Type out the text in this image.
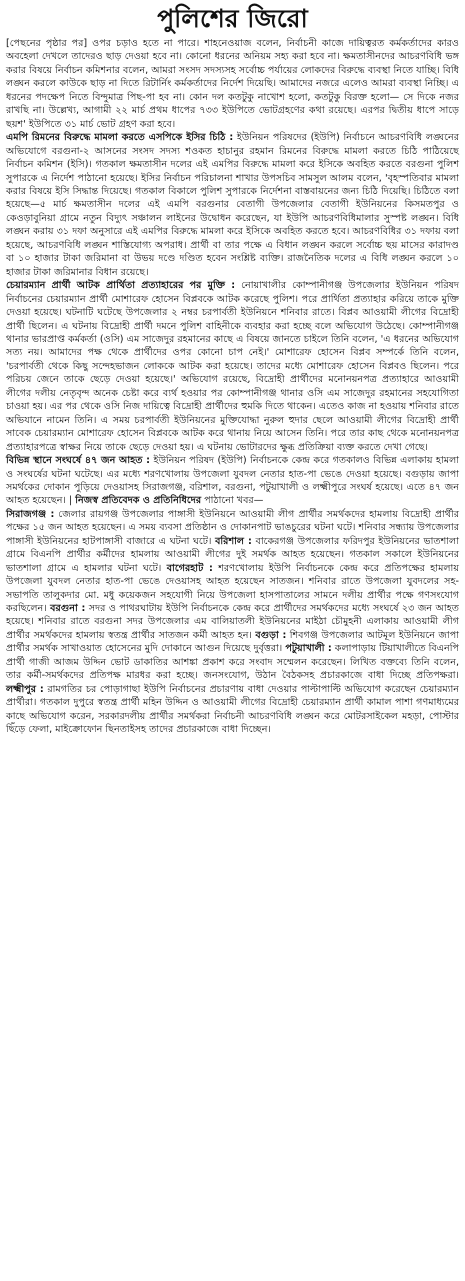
পুলিশের জিরো

[পেছনের পৃষ্ঠার পর] ওপর চড়াও হতে না পারে। শাহনেওয়াজ বলেন, নির্বাচনী কাজে দায়িত্বরত কর্মকর্তাদের কারও অবহেলা দেখলে তাদেরও ছাড় দেওয়া হবে না। কোনো ধরনের অনিয়ম সহ্য করা হবে না। ক্ষমতাসীনদের আচরণবিধি ভঙ্গ করার বিষয়ে নির্বাচন কমিশনার বলেন, আমরা সংসদ সদস্যসহ সর্বোচ্চ পর্যায়ের লোকদের বিরুদ্ধে ব্যবস্থা নিতে যাচ্ছি। বিধি লঙ্ঘন করলে কাউকে ছাড় না দিতে রিটার্নিং কর্মকর্তাদের নির্দেশ দিয়েছি। আমাদের নজরে এলেও আমরা ব্যবস্থা নিচ্ছি। এ ধরনের পদক্ষেপ নিতে বিন্দুমাত্র পিছ-পা হব না। কোন দল কতটুকু নাখোশ হলো, কতটুকু বিরক্ত হলো— সে দিকে নজর রাখছি না। উল্লেখ্য, আগামী ২২ মার্চ প্রথম ধাপের ৭৩৩ ইউপিতে ভোটগ্রহণের কথা রয়েছে। এরপর দ্বিতীয় ধাপে সাড়ে ছয়শ' ইউপিতে ৩১ মার্চ ভোট গ্রহণ করা হবে।

এমপি রিমনের বিরুদ্ধে মামলা করতে এসপিকে ইসির চিঠি : ইউনিয়ন পরিষদের (ইউপি) নির্বাচনে আচরণবিধি লঙ্ঘনের অভিযোগে বরগুনা-২ আসনের সংসদ সদস্য শওকত হাচানুর রহমান রিমনের বিরুদ্ধে মামলা করতে চিঠি পাঠিয়েছে নির্বাচন কমিশন (ইসি)। গতকাল ক্ষমতাসীন দলের এই এমপির বিরুদ্ধে মামলা করে ইসিকে অবহিত করতে বরগুনা পুলিশ সুপারকে এ নির্দেশ পাঠানো হয়েছে। ইসির নির্বাচন পরিচালনা শাখার উপসচিব সামসুল আলম বলেন, 'বৃহস্পতিবার মামলা করার বিষয়ে ইসি সিদ্ধান্ত দিয়েছে। গতকাল বিকালে পুলিশ সুপারকে নির্দেশনা বাস্তবায়নের জন্য চিঠি দিয়েছি। চিঠিতে বলা হয়েছে—৫ মার্চ ক্ষমতাসীন দলের এই এমপি বরগুনার বেতাগী উপজেলার বেতাগী ইউনিয়নের কিসমতপুর ও কেওড়াবুনিয়া গ্রামে নতুন বিদ্যুৎ সঞ্চালন লাইনের উদ্বোধন করেছেন, যা ইউপি আচরণবিধিমালার সুস্পষ্ট লঙ্ঘন। বিধি লঙ্ঘন করায় ৩১ দফা অনুসারে এই এমপির বিরুদ্ধে মামলা করে ইসিকে অবহিত করতে হবে। আচরণবিধির ৩১ দফায় বলা হয়েছে, আচরণবিধি লঙ্ঘন শাস্তিযোগ্য অপরাধ। প্রার্থী বা তার পক্ষে এ বিধান লঙ্ঘন করলে সর্বোচ্চ ছয় মাসের কারাদণ্ড বা ১০ হাজার টাকা জরিমানা বা উভয় দণ্ডে দণ্ডিত হবেন সংশ্লিষ্ট ব্যক্তি। রাজনৈতিক দলের এ বিধি লঙ্ঘন করলে ১০ হাজার টাকা জরিমানার বিধান রয়েছে।

চেয়ারম্যান প্রার্থী আটক প্রার্থিতা প্রত্যাহারের পর মুক্তি : নোয়াখালীর কোম্পানীগঞ্জ উপজেলার ইউনিয়ন পরিষদ নির্বাচনের চেয়ারম্যান প্রার্থী মোশারেফ হোসেন বিপ্লবকে আটক করেছে পুলিশ। পরে প্রার্থিতা প্রত্যাহার করিয়ে তাকে মুক্তি দেওয়া হয়েছে। ঘটনাটি ঘটেছে উপজেলার ২ নম্বর চরপার্বতী ইউনিয়নে শনিবার রাতে। বিপ্লব আওয়ামী লীগের বিদ্রোহী প্রার্থী ছিলেন। এ ঘটনায় বিদ্রোহী প্রার্থী দমনে পুলিশ বাহিনীকে ব্যবহার করা হচ্ছে বলে অভিযোগ উঠেছে। কোম্পানীগঞ্জ থানার ভারপ্রাপ্ত কর্মকর্তা (ওসি) এম সাজেদুর রহমানের কাছে এ বিষয়ে জানতে চাইলে তিনি বলেন, 'এ ধরনের অভিযোগ সত্য নয়। আমাদের পক্ষ থেকে প্রার্থীদের ওপর কোনো চাপ নেই।' মোশারেফ হোসেন বিপ্লব সম্পর্কে তিনি বলেন, 'চরপার্বতী থেকে কিছু সন্দেহভাজন লোককে আটক করা হয়েছে। তাদের মধ্যে মোশারেফ হোসেন বিপ্লবও ছিলেন। পরে পরিচয় জেনে তাকে ছেড়ে দেওয়া হয়েছে।' অভিযোগ রয়েছে, বিদ্রোহী প্রার্থীদের মনোনয়নপত্র প্রত্যাহারে আওয়ামী লীগের দলীয় নেতৃবৃন্দ অনেক চেষ্টা করে ব্যর্থ হওয়ার পর কোম্পানীগঞ্জ থানার ওসি এম সাজেদুর রহমানের সহযোগিতা চাওয়া হয়। এর পর থেকে ওসি নিজ দায়িত্বে বিদ্রোহী প্রার্থীদের হুমকি দিতে থাকেন। এতেও কাজ না হওয়ায় শনিবার রাতে অভিযানে নামেন তিনি। এ সময় চরপার্বতী ইউনিয়নের মুক্তিযোদ্ধা নুরুল হুদার ছেলে আওয়ামী লীগের বিদ্রোহী প্রার্থী সাবেক চেয়ারম্যান মোশারেফ হোসেন বিপ্লবকে আটক করে থানায় নিয়ে আসেন তিনি। পরে তার কাছ থেকে মনোনয়নপত্র প্রত্যাহারপত্রে স্বাক্ষর নিয়ে তাকে ছেড়ে দেওয়া হয়। এ ঘটনায় ভোটারদের ক্ষুব্ধ প্রতিক্রিয়া ব্যক্ত করতে দেখা গেছে।

বিভিন্ন স্থানে সংঘর্ষে ৪৭ জন আহত : ইউনিয়ন পরিষদ (ইউপি) নির্বাচনকে কেন্দ্র করে গতকালও বিভিন্ন এলাকায় হামলা ও সংঘর্ষের ঘটনা ঘটেছে। এর মধ্যে শরণখোলায় উপজেলা যুবদল নেতার হাত-পা ভেঙে দেওয়া হয়েছে। বগুড়ায় জাপা সমর্থকের দোকান পুড়িয়ে দেওয়াসহ সিরাজগঞ্জ, বরিশাল, বরগুনা, পটুয়াখালী ও লক্ষ্মীপুরে সংঘর্ষ হয়েছে। এতে ৪৭ জন আহত হয়েছেন। | নিজস্ব প্রতিবেদক ও প্রতিনিধিদের পাঠানো খবর—

সিরাজগঞ্জ : জেলার রায়গঞ্জ উপজেলার পাঙ্গাসী ইউনিয়নে আওয়ামী লীগ প্রার্থীর সমর্থকদের হামলায় বিদ্রোহী প্রার্থীর পক্ষের ১৫ জন আহত হয়েছেন। এ সময় ব্যবসা প্রতিষ্ঠান ও দোকানপাট ভাঙচুরের ঘটনা ঘটে। শনিবার সন্ধ্যায় উপজেলার পাঙ্গাসী ইউনিয়নের হাটপাঙ্গাসী বাজারে এ ঘটনা ঘটে। বরিশাল : বাকেরগঞ্জ উপজেলার ফরিদপুর ইউনিয়নের ভাতশালা গ্রামে বিএনপি প্রার্থীর কর্মীদের হামলায় আওয়ামী লীগের দুই সমর্থক আহত হয়েছেন। গতকাল সকালে ইউনিয়নের ভাতশালা গ্রামে এ হামলার ঘটনা ঘটে। বাগেরহাট : শরণখোলায় ইউপি নির্বাচনকে কেন্দ্র করে প্রতিপক্ষের হামলায় উপজেলা যুবদল নেতার হাত-পা ভেঙে দেওয়াসহ আহত হয়েছেন সাতজন। শনিবার রাতে উপজেলা যুবদলের সহ-সভাপতি তালুকদার মো. মধু কয়েকজন সহযোগী নিয়ে উপজেলা হাসপাতালের সামনে দলীয় প্রার্থীর পক্ষে গণসংযোগ করছিলেন। বরগুনা : সদর ও পাথরঘাটায় ইউপি নির্বাচনকে কেন্দ্র করে প্রার্থীদের সমর্থকদের মধ্যে সংঘর্ষে ২৩ জন আহত হয়েছে। শনিবার রাতে বরগুনা সদর উপজেলার এম বালিয়াতলী ইউনিয়নের মাইঠা চৌমুহনী এলাকায় আওয়ামী লীগ প্রার্থীর সমর্থকদের হামলায় স্বতন্ত্র প্রার্থীর সাতজন কর্মী আহত হন। বগুড়া : শিবগঞ্জ উপজেলার আটমূল ইউনিয়নে জাপা প্রার্থীর সমর্থক সাখাওয়াত হোসেনের মুদি দোকানে আগুন দিয়েছে দুর্বৃত্তরা। পটুয়াখালী : কলাপাড়ায় টিয়াখালীতে বিএনপি প্রার্থী গাজী আজম উদ্দিন ভোট ডাকাতির আশঙ্কা প্রকাশ করে সংবাদ সম্মেলন করেছেন। লিখিত বক্তব্যে তিনি বলেন, তার কর্মী-সমর্থকদের প্রতিপক্ষ মারধর করা হচ্ছে। জনসংযোগ, উঠান বৈঠকসহ প্রচারকাজে বাধা দিচ্ছে প্রতিপক্ষরা। লক্ষ্মীপুর : রামগতির চর পোড়াগাছা ইউপি নির্বাচনের প্রচারণায় বাধা দেওয়ার পাল্টাপাল্টি অভিযোগ করেছেন চেয়ারম্যান প্রার্থীরা। গতকাল দুপুরে স্বতন্ত্র প্রার্থী মহিন উদ্দিন ও আওয়ামী লীগের বিদ্রোহী চেয়ারম্যান প্রার্থী কামাল পাশা গণমাধ্যমের কাছে অভিযোগ করেন, সরকারদলীয় প্রার্থীর সমর্থকরা নির্বাচনী আচরণবিধি লঙ্ঘন করে মোটরসাইকেল মহড়া, পোস্টার ছিঁড়ে ফেলা, মাইক্রোফোন ছিনতাইসহ তাদের প্রচারকাজে বাধা দিচ্ছেন।
